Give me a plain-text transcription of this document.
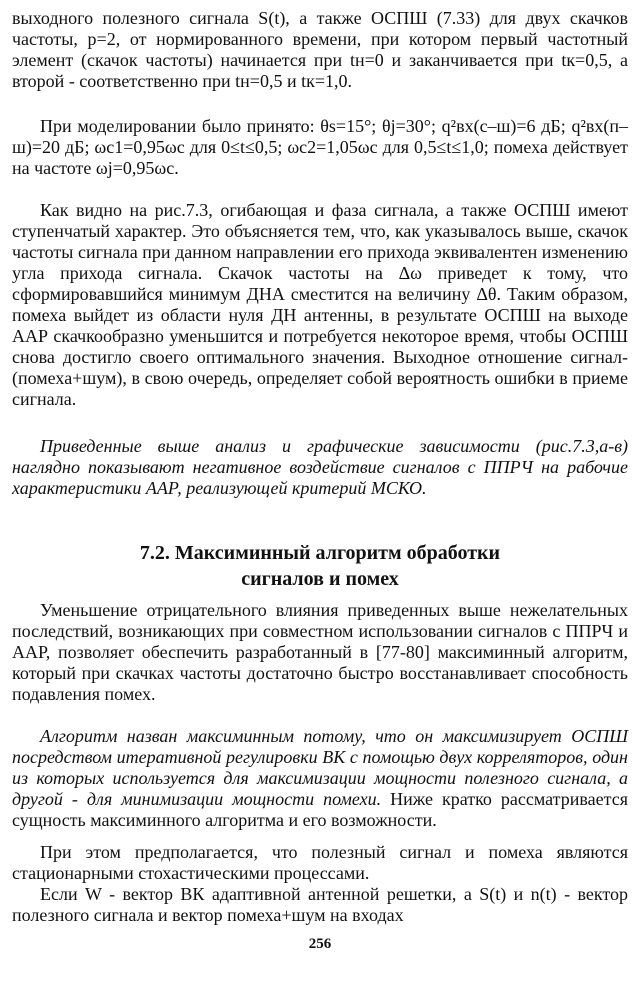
выходного полезного сигнала S(t), а также ОСПШ (7.33) для двух скачков частоты, p=2, от нормированного времени, при котором первый частотный элемент (скачок частоты) начинается при tн=0 и заканчивается при tк=0,5, а второй - соответственно при tн=0,5 и tк=1,0.

При моделировании было принято: θs=15°; θj=30°; q²вх(с–ш)=6 дБ; q²вх(п–ш)=20 дБ; ωc1=0,95ωc для 0≤t≤0,5; ωc2=1,05ωc для 0,5≤t≤1,0; помеха действует на частоте ωj=0,95ωc.

Как видно на рис.7.3, огибающая и фаза сигнала, а также ОСПШ имеют ступенчатый характер. Это объясняется тем, что, как указывалось выше, скачок частоты сигнала при данном направлении его прихода эквивалентен изменению угла прихода сигнала. Скачок частоты на Δω приведет к тому, что сформировавшийся минимум ДНА сместится на величину Δθ. Таким образом, помеха выйдет из области нуля ДН антенны, в результате ОСПШ на выходе ААР скачкообразно уменьшится и потребуется некоторое время, чтобы ОСПШ снова достигло своего оптимального значения. Выходное отношение сигнал-(помеха+шум), в свою очередь, определяет собой вероятность ошибки в приеме сигнала.

Приведенные выше анализ и графические зависимости (рис.7.3,а-в) наглядно показывают негативное воздействие сигналов с ППРЧ на рабочие характеристики ААР, реализующей критерий МСКО.

7.2. Максиминный алгоритм обработки
сигналов и помех

Уменьшение отрицательного влияния приведенных выше нежелательных последствий, возникающих при совместном использовании сигналов с ППРЧ и ААР, позволяет обеспечить разработанный в [77-80] максиминный алгоритм, который при скачках частоты достаточно быстро восстанавливает способность подавления помех.

Алгоритм назван максиминным потому, что он максимизирует ОСПШ посредством итеративной регулировки ВК с помощью двух корреляторов, один из которых используется для максимизации мощности полезного сигнала, а другой - для минимизации мощности помехи. Ниже кратко рассматривается сущность максиминного алгоритма и его возможности.

При этом предполагается, что полезный сигнал и помеха являются стационарными стохастическими процессами.

Если W - вектор ВК адаптивной антенной решетки, а S(t) и n(t) - вектор полезного сигнала и вектор помеха+шум на входах

256
